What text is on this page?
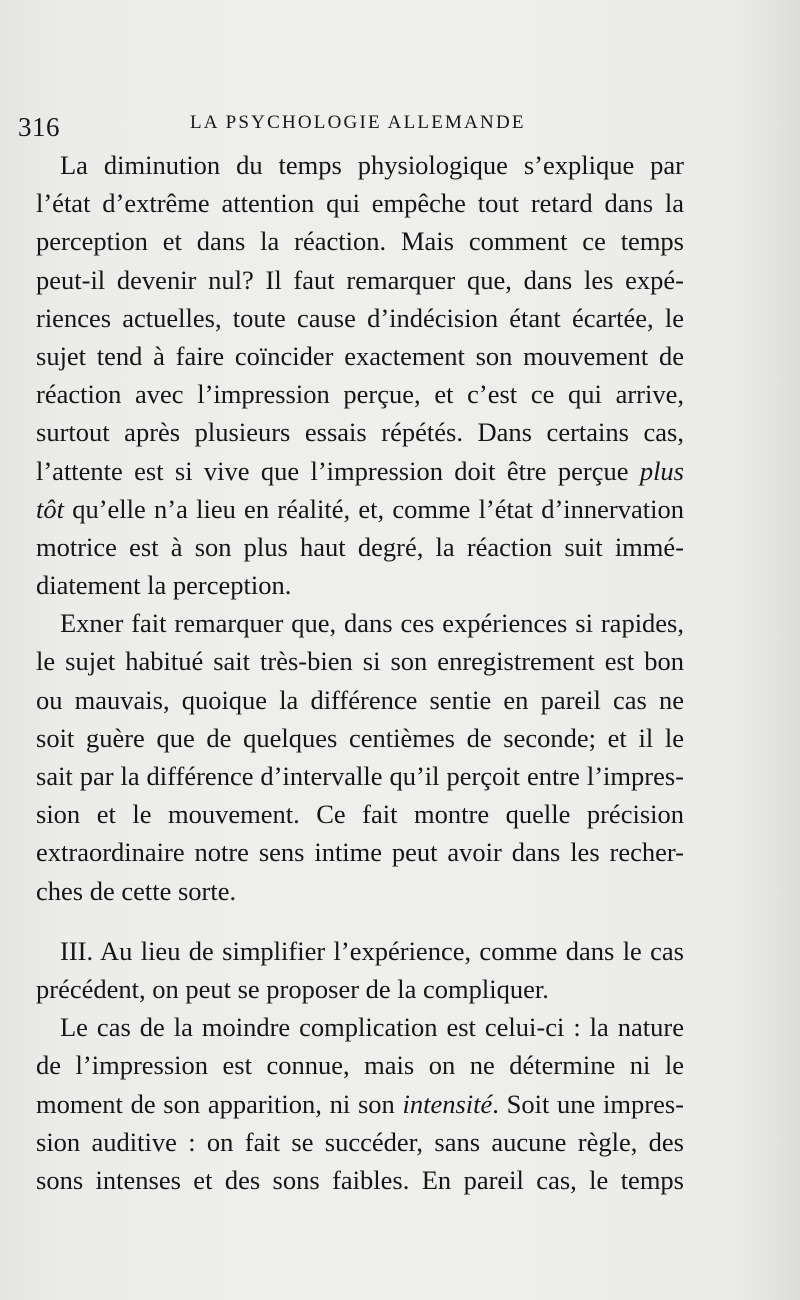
316	LA PSYCHOLOGIE ALLEMANDE
La diminution du temps physiologique s’explique par
l’état d’extrême attention qui empêche tout retard dans la
perception et dans la réaction. Mais comment ce temps
peut-il devenir nul? Il faut remarquer que, dans les expé-
riences actuelles, toute cause d’indécision étant écartée, le
sujet tend à faire coïncider exactement son mouvement de
réaction avec l’impression perçue, et c’est ce qui arrive,
surtout après plusieurs essais répétés. Dans certains cas,
l’attente est si vive que l’impression doit être perçue plus
tôt qu’elle n’a lieu en réalité, et, comme l’état d’innervation
motrice est à son plus haut degré, la réaction suit immé-
diatement la perception.
Exner fait remarquer que, dans ces expériences si rapides,
le sujet habitué sait très-bien si son enregistrement est bon
ou mauvais, quoique la différence sentie en pareil cas ne
soit guère que de quelques centièmes de seconde; et il le
sait par la différence d’intervalle qu’il perçoit entre l’impres-
sion et le mouvement. Ce fait montre quelle précision
extraordinaire notre sens intime peut avoir dans les recher-
ches de cette sorte.
III. Au lieu de simplifier l’expérience, comme dans le cas
précédent, on peut se proposer de la compliquer.
Le cas de la moindre complication est celui-ci : la nature
de l’impression est connue, mais on ne détermine ni le
moment de son apparition, ni son intensité. Soit une impres-
sion auditive : on fait se succéder, sans aucune règle, des
sons intenses et des sons faibles. En pareil cas, le temps
